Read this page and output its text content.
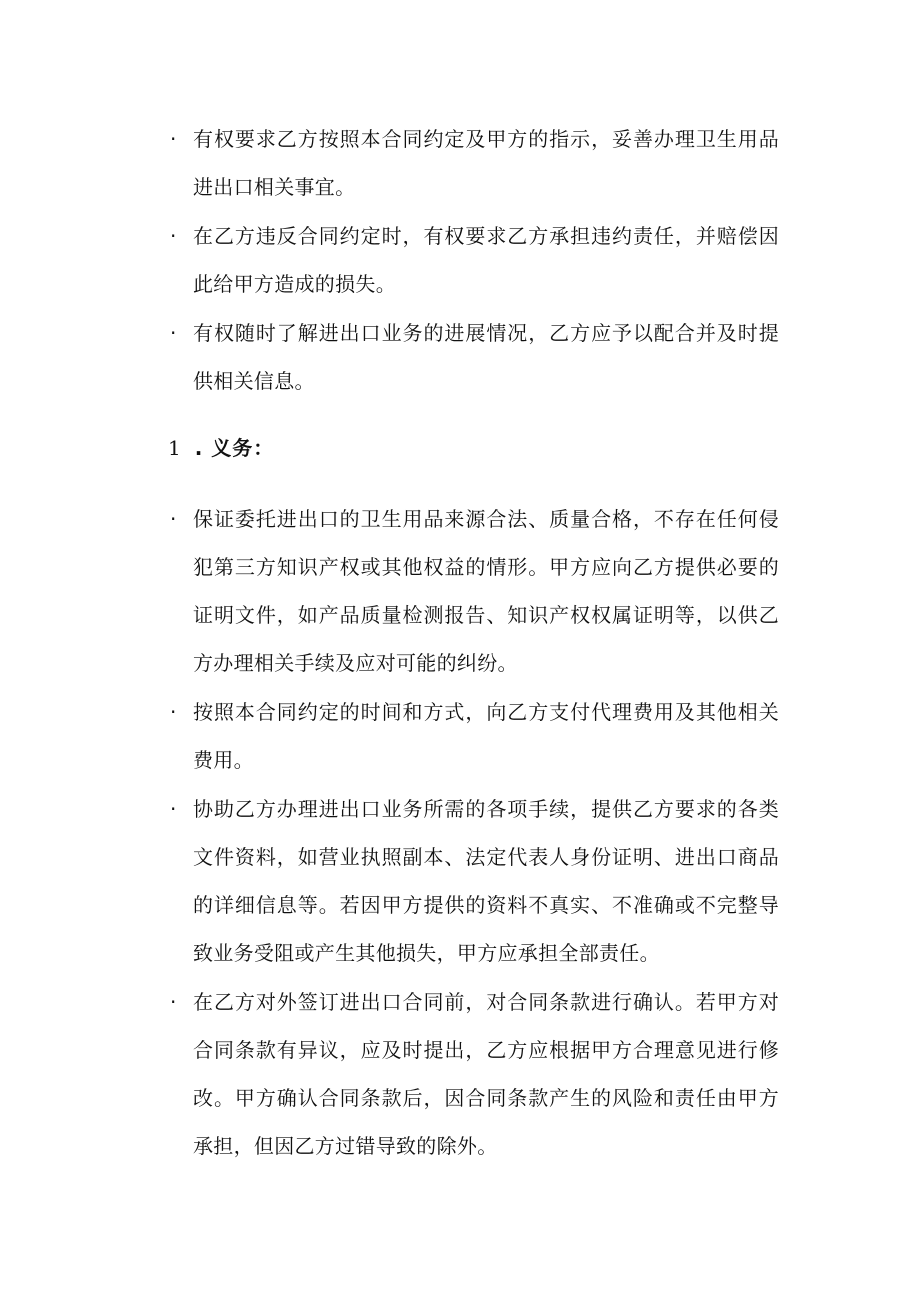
· 有权要求乙方按照本合同约定及甲方的指示，妥善办理卫生用品进出口相关事宜。
· 在乙方违反合同约定时，有权要求乙方承担违约责任，并赔偿因此给甲方造成的损失。
· 有权随时了解进出口业务的进展情况，乙方应予以配合并及时提供相关信息。
1 . 义务：
· 保证委托进出口的卫生用品来源合法、质量合格，不存在任何侵犯第三方知识产权或其他权益的情形。甲方应向乙方提供必要的证明文件，如产品质量检测报告、知识产权权属证明等，以供乙方办理相关手续及应对可能的纠纷。
· 按照本合同约定的时间和方式，向乙方支付代理费用及其他相关费用。
· 协助乙方办理进出口业务所需的各项手续，提供乙方要求的各类文件资料，如营业执照副本、法定代表人身份证明、进出口商品的详细信息等。若因甲方提供的资料不真实、不准确或不完整导致业务受阻或产生其他损失，甲方应承担全部责任。
· 在乙方对外签订进出口合同前，对合同条款进行确认。若甲方对合同条款有异议，应及时提出，乙方应根据甲方合理意见进行修改。甲方确认合同条款后，因合同条款产生的风险和责任由甲方承担，但因乙方过错导致的除外。
